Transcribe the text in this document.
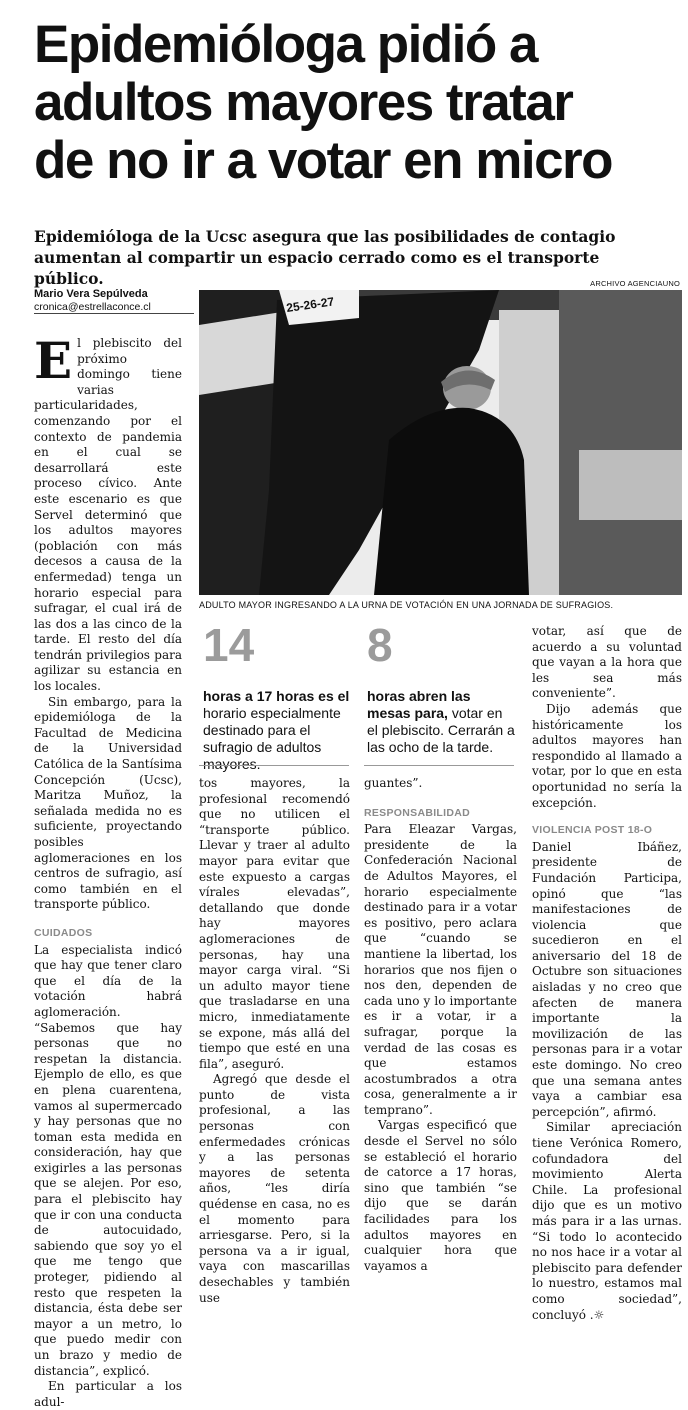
Epidemióloga pidió a
adultos mayores tratar
de no ir a votar en micro

Epidemióloga de la Ucsc asegura que las posibilidades de contagio aumentan al compartir un espacio cerrado como es el transporte público.

Mario Vera Sepúlveda
cronica@estrellaconce.cl
ARCHIVO AGENCIAUNO
25-26-27
ADULTO MAYOR INGRESANDO A LA URNA DE VOTACIÓN EN UNA JORNADA DE SUFRAGIOS.

El plebiscito del próximo domingo tiene varias particularidades, comenzando por el contexto de pandemia en el cual se desarrollará este proceso cívico. Ante este escenario es que Servel determinó que los adultos mayores (población con más decesos a causa de la enfermedad) tenga un horario especial para sufragar, el cual irá de las dos a las cinco de la tarde. El resto del día tendrán privilegios para agilizar su estancia en los locales.

Sin embargo, para la epidemióloga de la Facultad de Medicina de la Universidad Católica de la Santísima Concepción (Ucsc), Maritza Muñoz, la señalada medida no es suficiente, proyectando posibles aglomeraciones en los centros de sufragio, así como también en el transporte público.

CUIDADOS

La especialista indicó que hay que tener claro que el día de la votación habrá aglomeración. “Sabemos que hay personas que no respetan la distancia. Ejemplo de ello, es que en plena cuarentena, vamos al supermercado y hay personas que no toman esta medida en consideración, hay que exigirles a las personas que se alejen. Por eso, para el plebiscito hay que ir con una conducta de autocuidado, sabiendo que soy yo el que me tengo que proteger, pidiendo al resto que respeten la distancia, ésta debe ser mayor a un metro, lo que puedo medir con un brazo y medio de distancia”, explicó.

En particular a los adul-

14
horas a 17 horas es el horario especialmente destinado para el sufragio de adultos mayores.
8
horas abren las mesas para, votar en el plebiscito. Cerrarán a las ocho de la tarde.

tos mayores, la profesional recomendó que no utilicen el “transporte público. Llevar y traer al adulto mayor para evitar que este expuesto a cargas vírales elevadas”, detallando que donde hay mayores aglomeraciones de personas, hay una mayor carga viral. “Si un adulto mayor tiene que trasladarse en una micro, inmediatamente se expone, más allá del tiempo que esté en una fila”, aseguró.

Agregó que desde el punto de vista profesional, a las personas con enfermedades crónicas y a las personas mayores de setenta años, “les diría quédense en casa, no es el momento para arriesgarse. Pero, si la persona va a ir igual, vaya con mascarillas desechables y también use

guantes”.

RESPONSABILIDAD

Para Eleazar Vargas, presidente de la Confederación Nacional de Adultos Mayores, el horario especialmente destinado para ir a votar es positivo, pero aclara que “cuando se mantiene la libertad, los horarios que nos fijen o nos den, dependen de cada uno y lo importante es ir a votar, ir a sufragar, porque la verdad de las cosas es que estamos acostumbrados a otra cosa, generalmente a ir temprano”.

Vargas especificó que desde el Servel no sólo se estableció el horario de catorce a 17 horas, sino que también “se dijo que se darán facilidades para los adultos mayores en cualquier hora que vayamos a

votar, así que de acuerdo a su voluntad que vayan a la hora que les sea más conveniente”.

Dijo además que históricamente los adultos mayores han respondido al llamado a votar, por lo que en esta oportunidad no sería la excepción.

VIOLENCIA POST 18-O

Daniel Ibáñez, presidente de Fundación Participa, opinó que “las manifestaciones de violencia que sucedieron en el aniversario del 18 de Octubre son situaciones aisladas y no creo que afecten de manera importante la movilización de las personas para ir a votar este domingo. No creo que una semana antes vaya a cambiar esa percepción”, afirmó.

Similar apreciación tiene Verónica Romero, cofundadora del movimiento Alerta Chile. La profesional dijo que es un motivo más para ir a las urnas. “Si todo lo acontecido no nos hace ir a votar al plebiscito para defender lo nuestro, estamos mal como sociedad”, concluyó .☼
